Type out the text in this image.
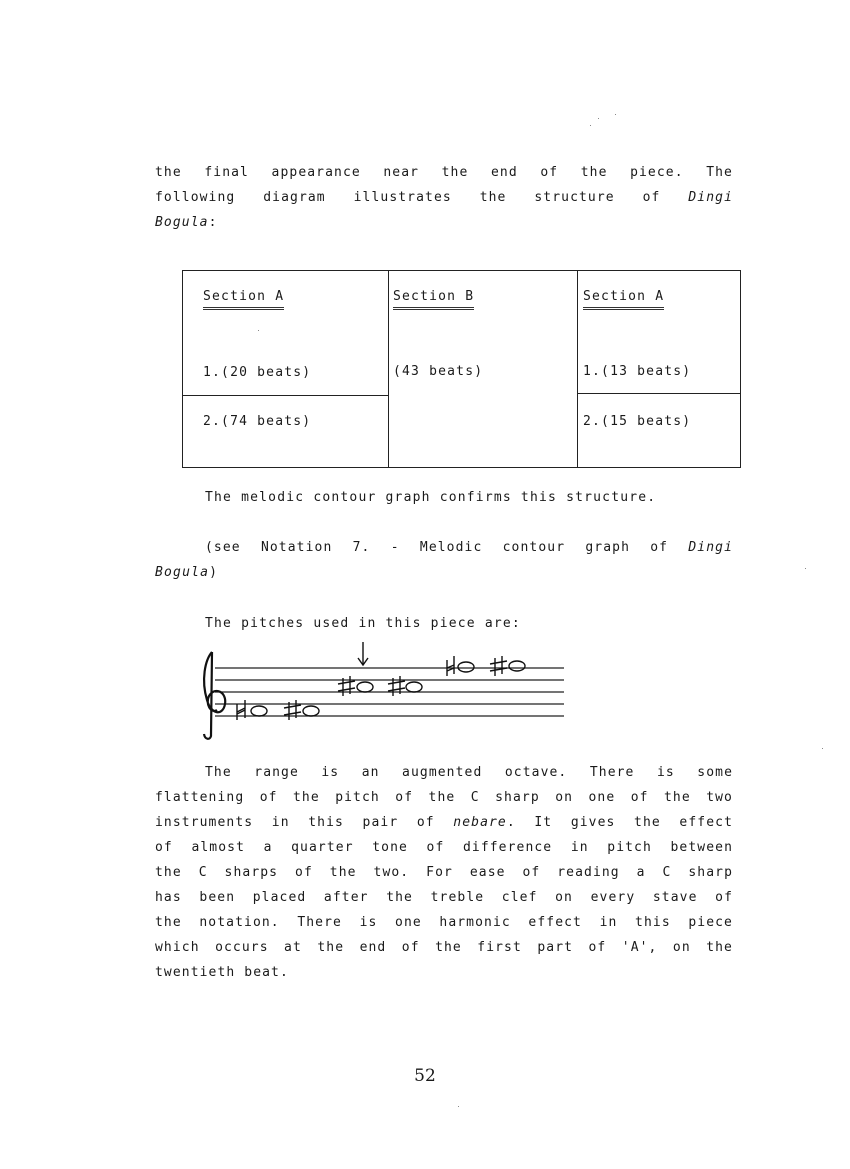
the final appearance near the end of the piece. The
following diagram illustrates the structure of Dingi
Bogula:
Section A
1.(20 beats)
2.(74 beats)
Section B
(43 beats)
Section A
1.(13 beats)
2.(15 beats)
The melodic contour graph confirms this structure.
(see Notation 7. - Melodic contour graph of Dingi
Bogula)
The pitches used in this piece are:
The range is an augmented octave. There is some
flattening of the pitch of the C sharp on one of the two
instruments in this pair of nebare. It gives the effect
of almost a quarter tone of difference in pitch between
the C sharps of the two. For ease of reading a C sharp
has been placed after the treble clef on every stave of
the notation. There is one harmonic effect in this piece
which occurs at the end of the first part of 'A', on the
twentieth beat.
52
